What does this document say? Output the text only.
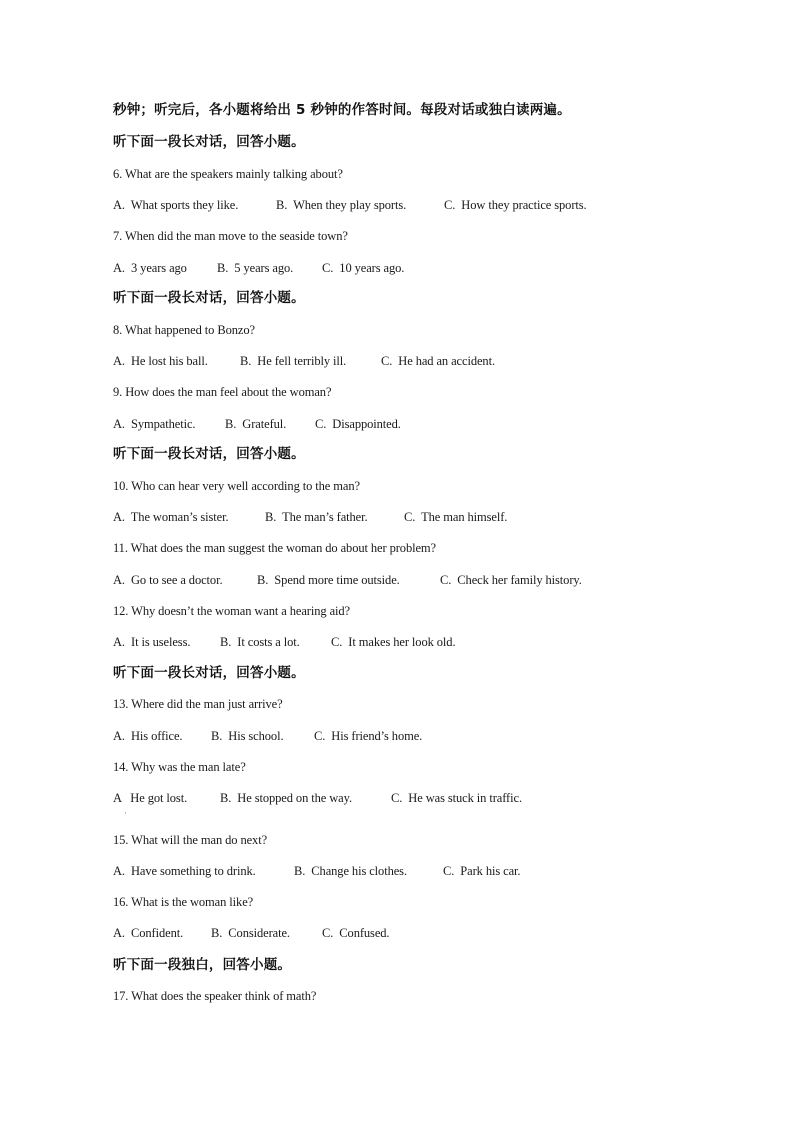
秒钟；听完后，各小题将给出 5 秒钟的作答时间。每段对话或独白读两遍。
听下面一段长对话，回答小题。
6. What are the speakers mainly talking about?

A.  What sports they like.

	B.  When they play sports.

	C.  How they practice sports.

7. When did the man move to the seaside town?

A.  3 years ago

B.  5 years ago.

C.  10 years ago.

听下面一段长对话，回答小题。
8. What happened to Bonzo?

A.  He lost his ball.

	B.  He fell terribly ill.

	C.  He had an accident.

9. How does the man feel about the woman?

A.  Sympathetic.

B.  Grateful.

C.  Disappointed.

听下面一段长对话，回答小题。
10. Who can hear very well according to the man?

A.  The woman’s sister.

	B.  The man’s father.

	C.  The man himself.

11. What does the man suggest the woman do about her problem?

A.  Go to see a doctor.

	B.  Spend more time outside.

	C.  Check her family history.

12. Why doesn’t the woman want a hearing aid?

A.  It is useless.

B.  It costs a lot.

	C.  It makes her look old.

听下面一段长对话，回答小题。
13. Where did the man just arrive?

A.  His office.

B.  His school.

C.  His friend’s home.

14. Why was the man late?

A   He got lost.

	B.  He stopped on the way.

	C.  He was stuck in traffic.

·
15. What will the man do next?

A.  Have something to drink.

	B.  Change his clothes.

	C.  Park his car.

16. What is the woman like?

A.  Confident.

B.  Considerate.

	C.  Confused.

听下面一段独白，回答小题。
17. What does the speaker think of math?
